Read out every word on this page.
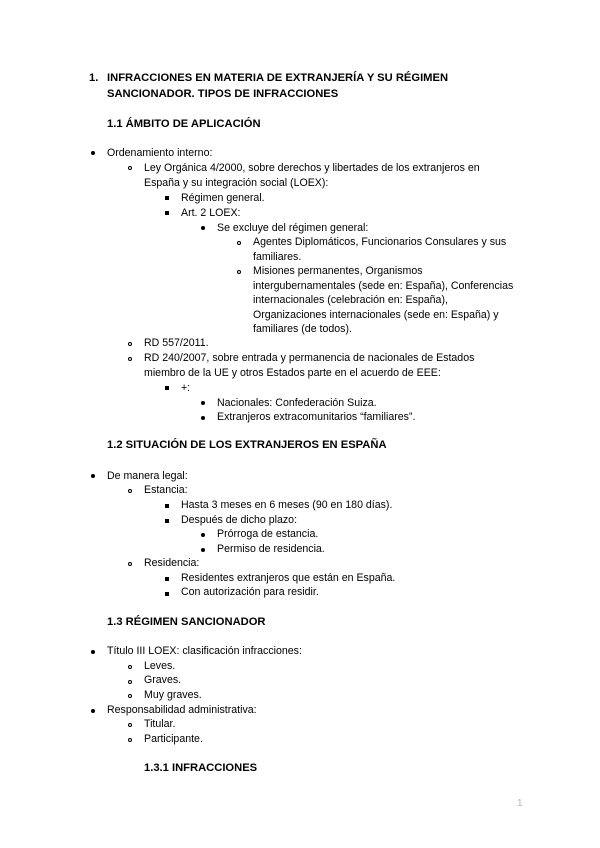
1. INFRACCIONES EN MATERIA DE EXTRANJERÍA Y SU RÉGIMEN
SANCIONADOR. TIPOS DE INFRACCIONES
1.1 ÁMBITO DE APLICACIÓN
Ordenamiento interno:
Ley Orgánica 4/2000, sobre derechos y libertades de los extranjeros en
España y su integración social (LOEX):
Régimen general.
Art. 2 LOEX:
Se excluye del régimen general:
Agentes Diplomáticos, Funcionarios Consulares y sus
familiares.
Misiones permanentes, Organismos
intergubernamentales (sede en: España), Conferencias
internacionales (celebración en: España),
Organizaciones internacionales (sede en: España) y
familiares (de todos).
RD 557/2011.
RD 240/2007, sobre entrada y permanencia de nacionales de Estados
miembro de la UE y otros Estados parte en el acuerdo de EEE:
+:
Nacionales: Confederación Suiza.
Extranjeros extracomunitarios “familiares”.
1.2 SITUACIÓN DE LOS EXTRANJEROS EN ESPAÑA
De manera legal:
Estancia:
Hasta 3 meses en 6 meses (90 en 180 días).
Después de dicho plazo:
Prórroga de estancia.
Permiso de residencia.
Residencia:
Residentes extranjeros que están en España.
Con autorización para residir.
1.3 RÉGIMEN SANCIONADOR
Título III LOEX: clasificación infracciones:
Leves.
Graves.
Muy graves.
Responsabilidad administrativa:
Titular.
Participante.
1.3.1 INFRACCIONES
1
